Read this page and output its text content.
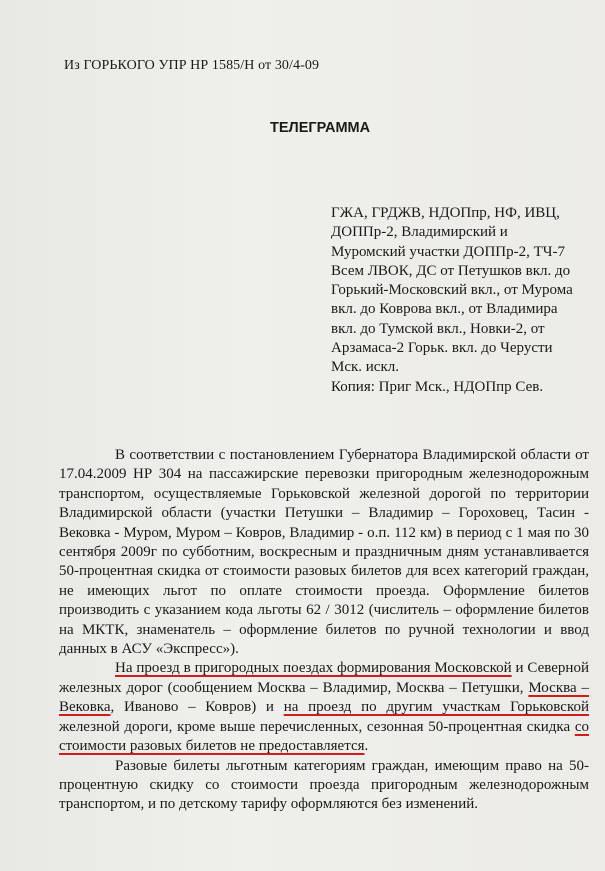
Из ГОРЬКОГО УПР НР 1585/Н от 30/4-09
ТЕЛЕГРАММА
ГЖА, ГРДЖВ, НДОПпр, НФ, ИВЦ,
ДОППр-2, Владимирский и
Муромский участки ДОППр-2, ТЧ-7
Всем ЛВОК, ДС от Петушков вкл. до
Горький-Московский вкл., от Мурома
вкл. до Коврова вкл., от Владимира
вкл. до Тумской вкл., Новки-2, от
Арзамаса-2 Горьк. вкл. до Черусти
Мск. искл.
Копия: Приг Мск., НДОПпр Сев.

В соответствии с постановлением Губернатора Владимирской области от 17.04.2009 НР 304 на пассажирские перевозки пригородным железнодорожным транспортом, осуществляемые Горьковской железной дорогой по территории Владимирской области (участки Петушки – Владимир – Гороховец, Тасин - Вековка - Муром, Муром – Ковров, Владимир - о.п. 112 км) в период с 1 мая по 30 сентября 2009г по субботним, воскресным и праздничным дням устанавливается 50-процентная скидка от стоимости разовых билетов для всех категорий граждан, не имеющих льгот по оплате стоимости проезда. Оформление билетов производить с указанием кода льготы 62 / 3012 (числитель – оформление билетов на МКТК, знаменатель – оформление билетов по ручной технологии и ввод данных в АСУ «Экспресс»).

На проезд в пригородных поездах формирования Московской и Северной железных дорог (сообщением Москва – Владимир, Москва – Петушки, Москва – Вековка, Иваново – Ковров) и на проезд по другим участкам Горьковской железной дороги, кроме выше перечисленных, сезонная 50-процентная скидка со стоимости разовых билетов не предоставляется.

Разовые билеты льготным категориям граждан, имеющим право на 50-процентную скидку со стоимости проезда пригородным железнодорожным транспортом, и по детскому тарифу оформляются без изменений.
